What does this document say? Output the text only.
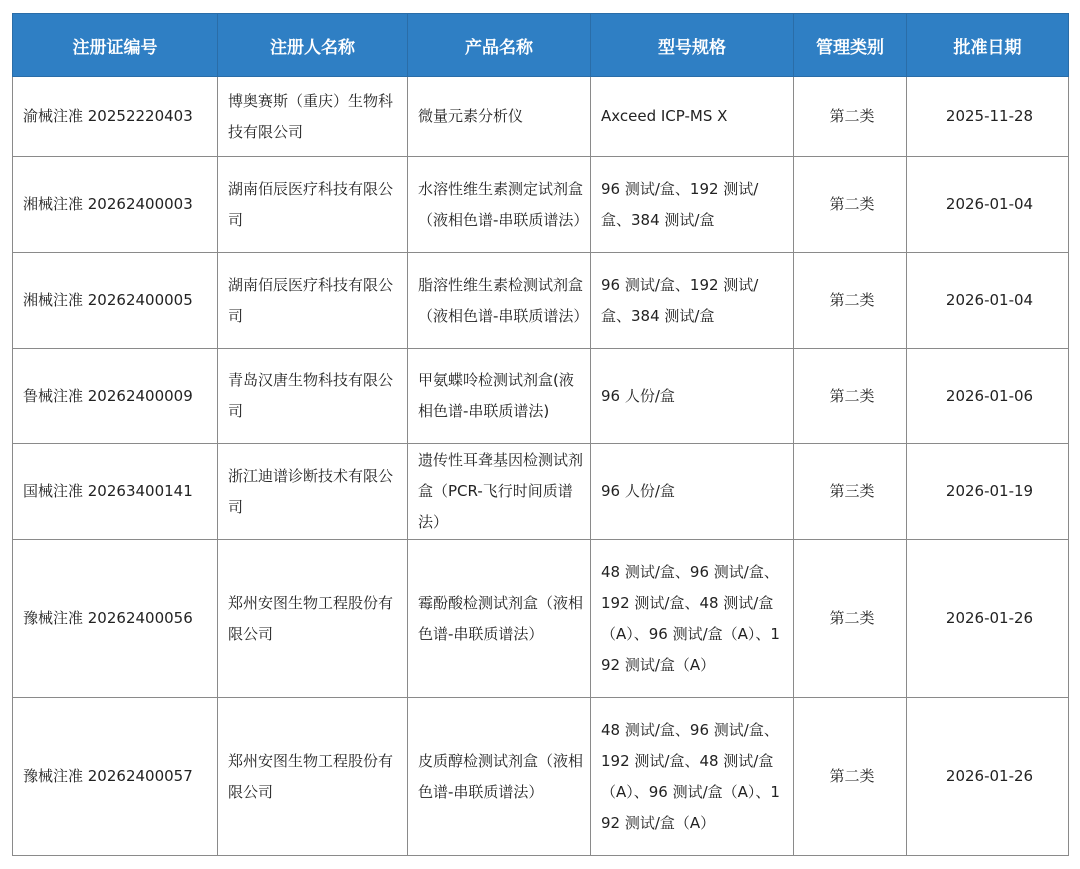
注册证编号	注册人名称	产品名称	型号规格	管理类别	批准日期
渝械注准 20252220403	博奥赛斯（重庆）生物科技有限公司	微量元素分析仪	Axceed ICP-MS X	第二类	2025-11-28
湘械注准 20262400003	湖南佰辰医疗科技有限公司	水溶性维生素测定试剂盒（液相色谱-串联质谱法）	96 测试/盒、192 测试/盒、384 测试/盒	第二类	2026-01-04
湘械注准 20262400005	湖南佰辰医疗科技有限公司	脂溶性维生素检测试剂盒（液相色谱-串联质谱法）	96 测试/盒、192 测试/盒、384 测试/盒	第二类	2026-01-04
鲁械注准 20262400009	青岛汉唐生物科技有限公司	甲氨蝶呤检测试剂盒(液相色谱-串联质谱法)	96 人份/盒	第二类	2026-01-06
国械注准 20263400141	浙江迪谱诊断技术有限公司	遗传性耳聋基因检测试剂盒（PCR-飞行时间质谱法）	96 人份/盒	第三类	2026-01-19
豫械注准 20262400056	郑州安图生物工程股份有限公司	霉酚酸检测试剂盒（液相色谱-串联质谱法）	48 测试/盒、96 测试/盒、192 测试/盒、48 测试/盒（A）、96 测试/盒（A）、192 测试/盒（A）	第二类	2026-01-26
豫械注准 20262400057	郑州安图生物工程股份有限公司	皮质醇检测试剂盒（液相色谱-串联质谱法）	48 测试/盒、96 测试/盒、192 测试/盒、48 测试/盒（A）、96 测试/盒（A）、192 测试/盒（A）	第二类	2026-01-26
